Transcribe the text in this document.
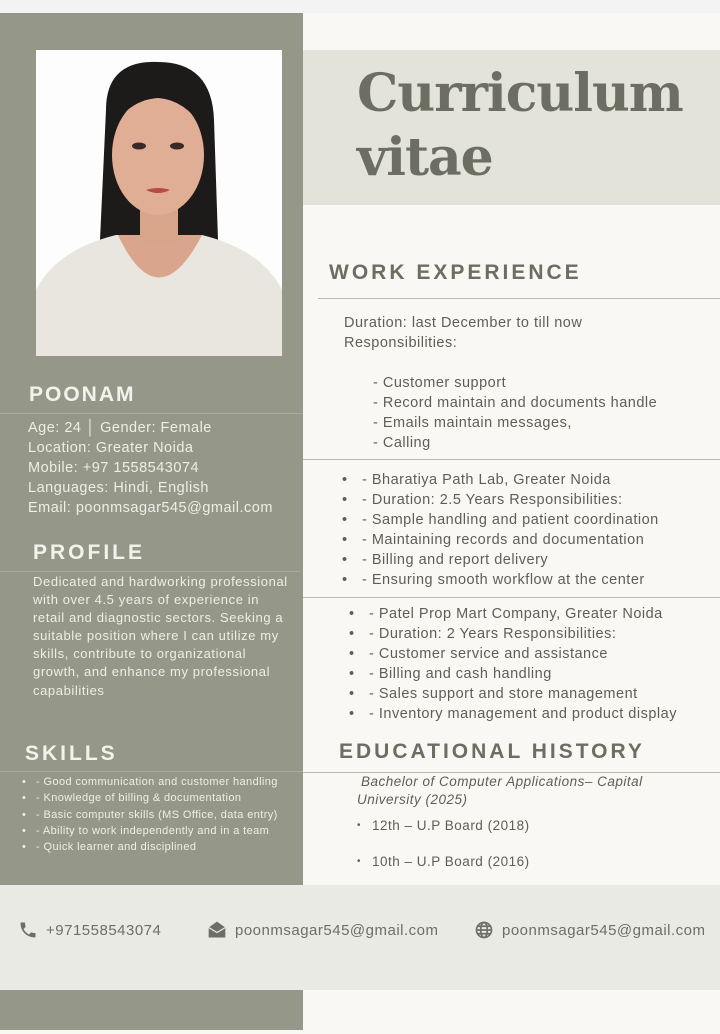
Curriculum
vitae
POONAM
Age: 24 │ Gender: Female
Location: Greater Noida
Mobile: +97 1558543074
Languages: Hindi, English
Email: poonmsagar545@gmail.com
PROFILE
Dedicated and hardworking professional with over 4.5 years of experience in retail and diagnostic sectors. Seeking a suitable position where I can utilize my skills, contribute to organizational growth, and enhance my professional capabilities
SKILLS
• - Good communication and customer handling
• - Knowledge of billing & documentation
• - Basic computer skills (MS Office, data entry)
• - Ability to work independently and in a team
• - Quick learner and disciplined
WORK EXPERIENCE
Duration: last December to till now
Responsibilities:
- Customer support
- Record maintain and documents handle
- Emails maintain messages,
- Calling
• - Bharatiya Path Lab, Greater Noida
• - Duration: 2.5 Years Responsibilities:
• - Sample handling and patient coordination
• - Maintaining records and documentation
• - Billing and report delivery
• - Ensuring smooth workflow at the center
• - Patel Prop Mart Company, Greater Noida
• - Duration: 2 Years Responsibilities:
• - Customer service and assistance
• - Billing and cash handling
• - Sales support and store management
• - Inventory management and product display
EDUCATIONAL HISTORY
Bachelor of Computer Applications– Capital University (2025)
• 12th – U.P Board (2018)
• 10th – U.P Board (2016)
+971558543074	poonmsagar545@gmail.com	poonmsagar545@gmail.com
